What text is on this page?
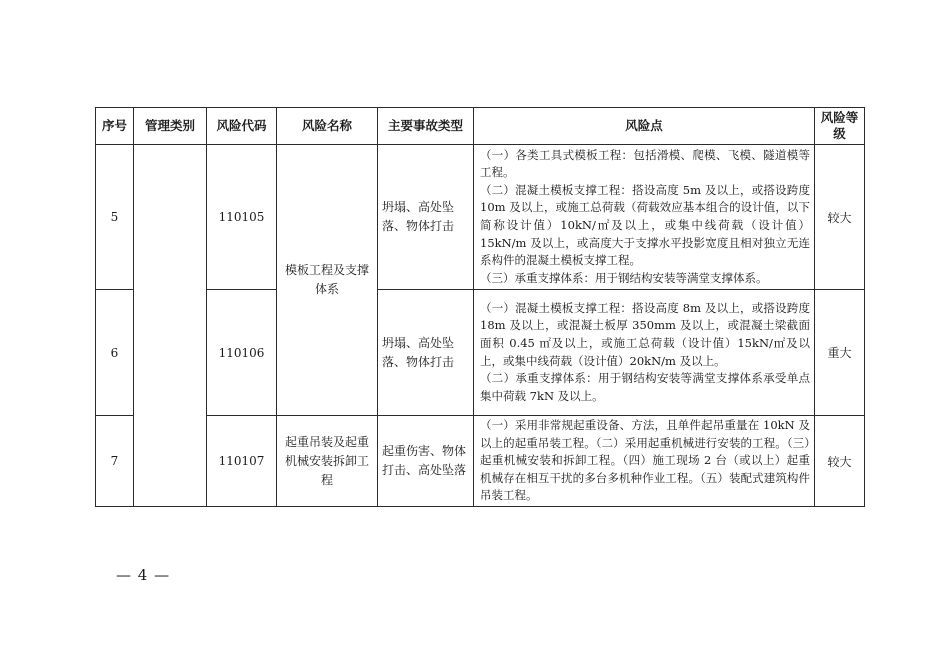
序号	管理类别	风险代码	风险名称	主要事故类型	风险点	风险等级
5		110105	模板工程及支撑体系	坍塌、高处坠落、物体打击	（一）各类工具式模板工程：包括滑模、爬模、飞模、隧道模等工程。

（二）混凝土模板支撑工程：搭设高度 5m 及以上，或搭设跨度 10m 及以上，或施工总荷载（荷载效应基本组合的设计值，以下简称设计值）10kN/㎡及以上，或集中线荷载（设计值）15kN/m 及以上，或高度大于支撑水平投影宽度且相对独立无连系构件的混凝土模板支撑工程。

（三）承重支撑体系：用于钢结构安装等满堂支撑体系。	较大
6		110106		坍塌、高处坠落、物体打击	（一）混凝土模板支撑工程：搭设高度 8m 及以上，或搭设跨度 18m 及以上，或混凝土板厚 350mm 及以上，或混凝土梁截面面积 0.45 ㎡及以上，或施工总荷载（设计值）15kN/㎡及以上，或集中线荷载（设计值）20kN/m 及以上。

（二）承重支撑体系：用于钢结构安装等满堂支撑体系承受单点集中荷载 7kN 及以上。	重大
7		110107	起重吊装及起重机械安装拆卸工程	起重伤害、物体打击、高处坠落	（一）采用非常规起重设备、方法，且单件起吊重量在 10kN 及以上的起重吊装工程。（二）采用起重机械进行安装的工程。（三）起重机械安装和拆卸工程。（四）施工现场 2 台（或以上）起重机械存在相互干扰的多台多机种作业工程。（五）装配式建筑构件吊装工程。	较大
— 4 —
